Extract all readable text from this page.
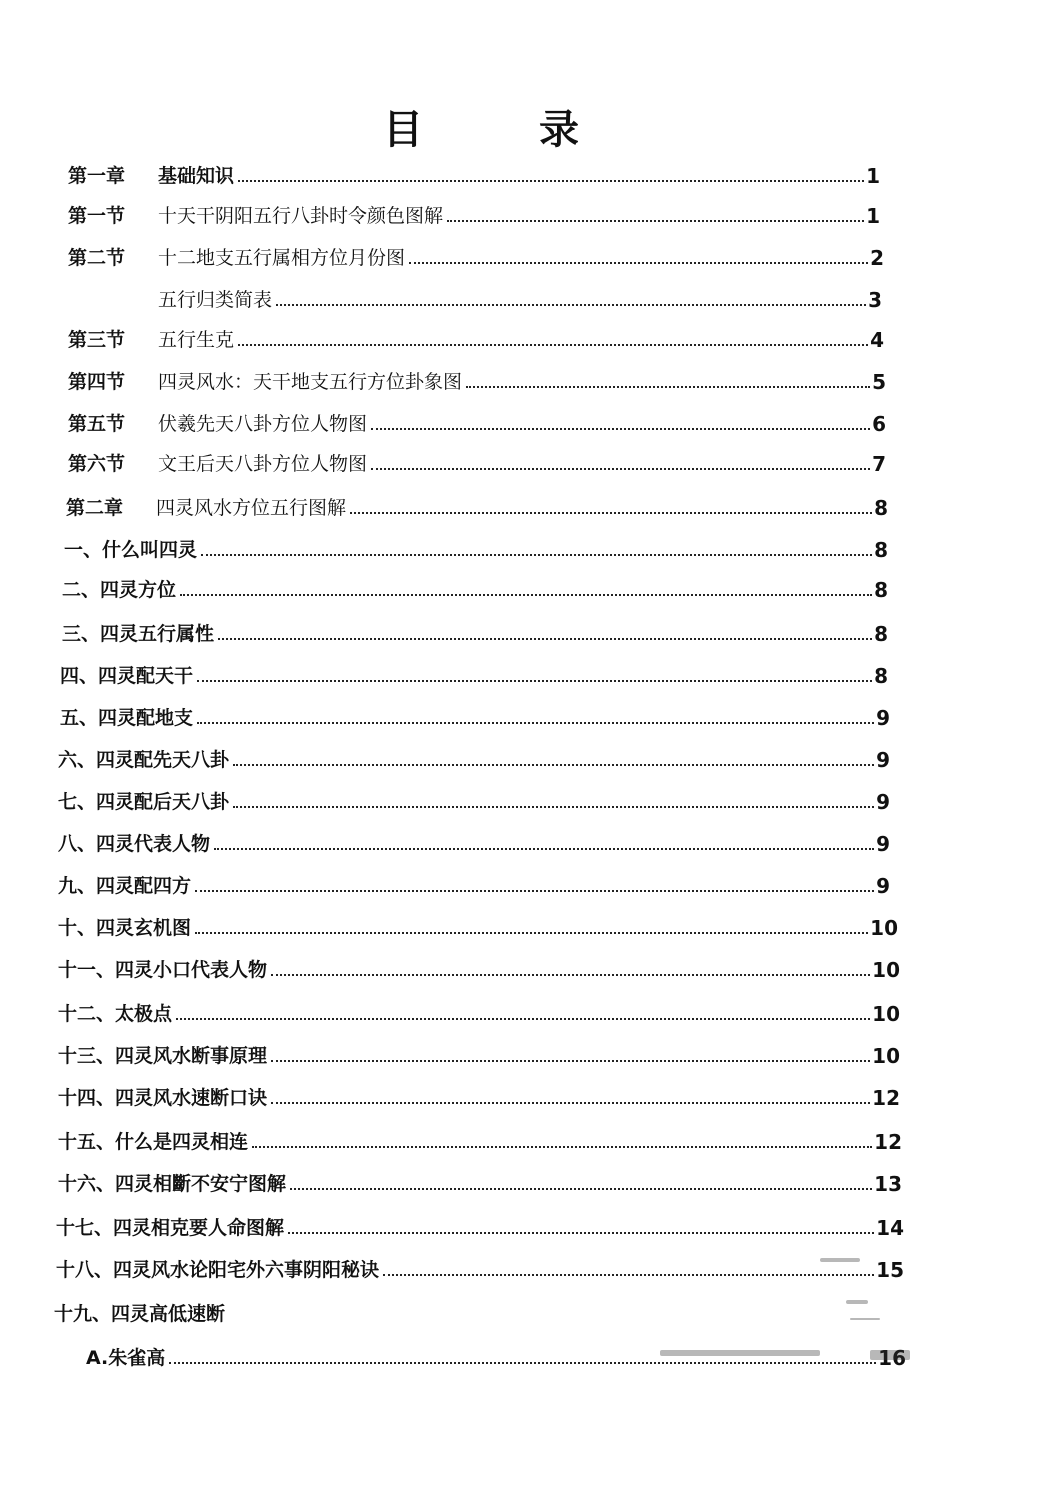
目　录
第一章	基础知识	1
第一节	十天干阴阳五行八卦时令颜色图解	1
第二节	十二地支五行属相方位月份图	2
五行归类简表	3
第三节	五行生克	4
第四节	四灵风水：天干地支五行方位卦象图	5
第五节	伏羲先天八卦方位人物图	6
第六节	文王后天八卦方位人物图	7
第二章	四灵风水方位五行图解	8
一、什么叫四灵	8
二、四灵方位	8
三、四灵五行属性	8
四、四灵配天干	8
五、四灵配地支	9
六、四灵配先天八卦	9
七、四灵配后天八卦	9
八、四灵代表人物	9
九、四灵配四方	9
十、四灵玄机图	10
十一、四灵小口代表人物	10
十二、太极点	10
十三、四灵风水断事原理	10
十四、四灵风水速断口诀	12
十五、什么是四灵相连	12
十六、四灵相斷不安宁图解	13
十七、四灵相克要人命图解	14
十八、四灵风水论阳宅外六事阴阳秘诀	15
十九、四灵高低速断
A.朱雀高	16
